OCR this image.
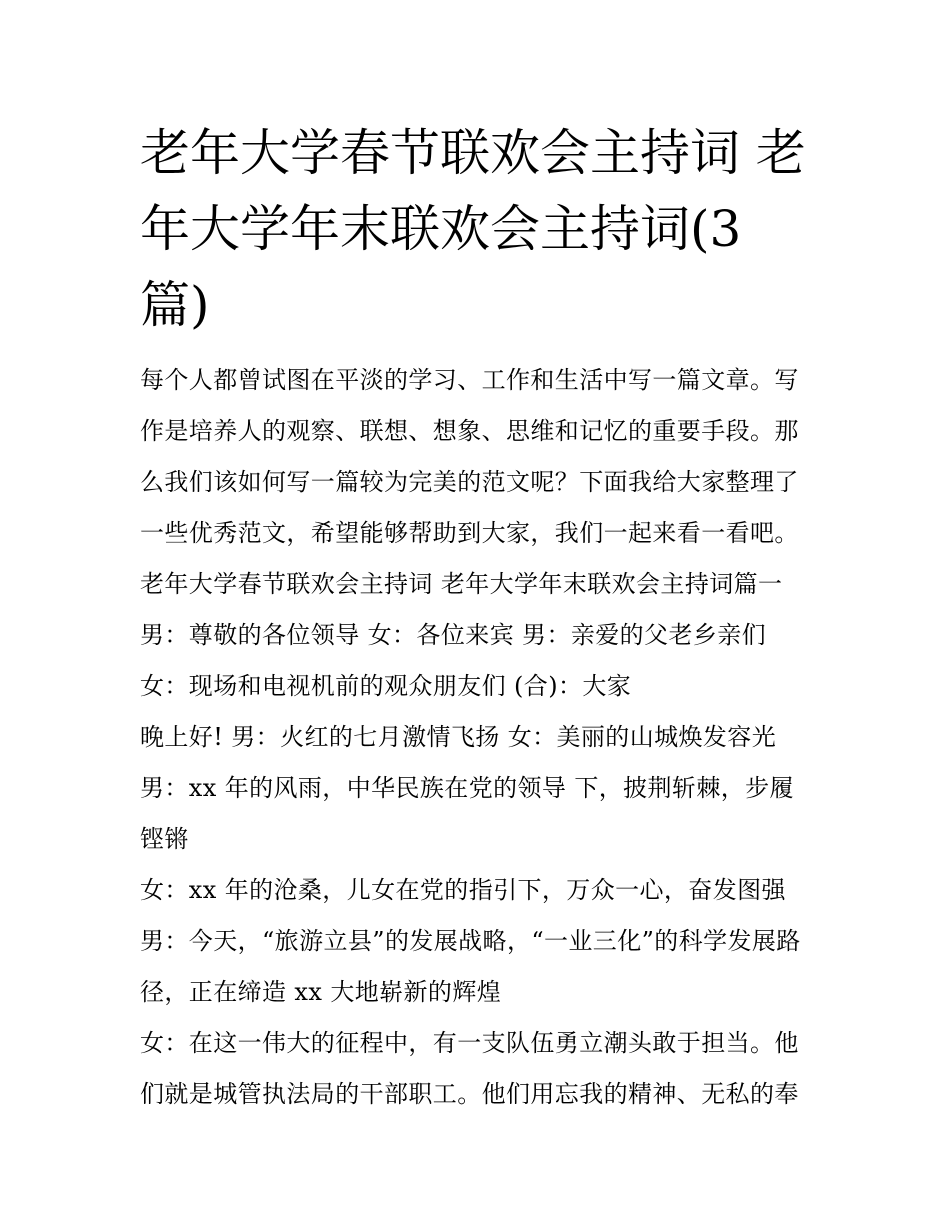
老年大学春节联欢会主持词 老
年大学年末联欢会主持词(3
篇)
每个人都曾试图在平淡的学习、工作和生活中写一篇文章。写
作是培养人的观察、联想、想象、思维和记忆的重要手段。那
么我们该如何写一篇较为完美的范文呢？下面我给大家整理了
一些优秀范文，希望能够帮助到大家，我们一起来看一看吧。
老年大学春节联欢会主持词 老年大学年末联欢会主持词篇一
男：尊敬的各位领导 女：各位来宾 男：亲爱的父老乡亲们
女：现场和电视机前的观众朋友们 (合)：大家
晚上好! 男：火红的七月激情飞扬 女：美丽的山城焕发容光
男：xx 年的风雨，中华民族在党的领导 下，披荆斩棘，步履
铿锵
女：xx 年的沧桑，儿女在党的指引下，万众一心，奋发图强
男：今天，“旅游立县”的发展战略，“一业三化”的科学发展路
径，正在缔造 xx 大地崭新的辉煌
女：在这一伟大的征程中，有一支队伍勇立潮头敢于担当。他
们就是城管执法局的干部职工。他们用忘我的精神、无私的奉
